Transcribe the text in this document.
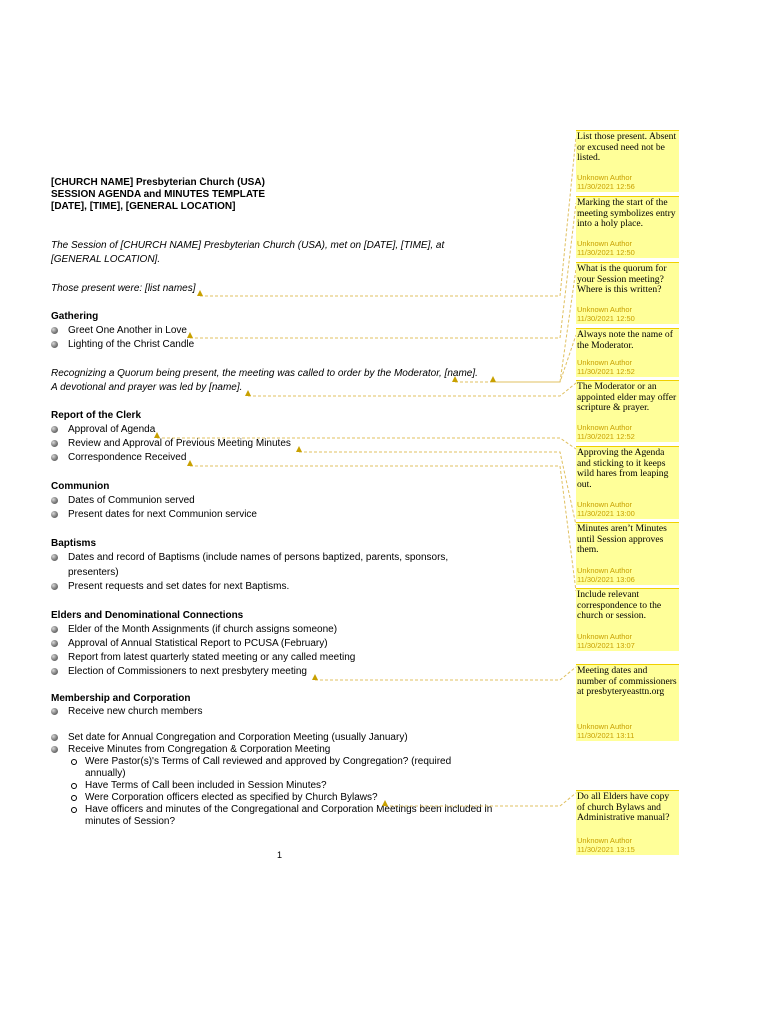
[CHURCH NAME] Presbyterian Church (USA)
SESSION AGENDA and MINUTES TEMPLATE
[DATE], [TIME], [GENERAL LOCATION]
The Session of [CHURCH NAME] Presbyterian Church (USA), met on [DATE], [TIME], at
[GENERAL LOCATION].
Those present were: [list names]
Gathering
Greet One Another in Love
Lighting of the Christ Candle
Recognizing a Quorum being present, the meeting was called to order by the Moderator, [name].
A devotional and prayer was led by [name].
Report of the Clerk
Approval of Agenda
Review and Approval of Previous Meeting Minutes
Correspondence Received
Communion
Dates of Communion served
Present dates for next Communion service
Baptisms
Dates and record of Baptisms (include names of persons baptized, parents, sponsors,
presenters)
Present requests and set dates for next Baptisms.
Elders and Denominational Connections
Elder of the Month Assignments (if church assigns someone)
Approval of Annual Statistical Report to PCUSA (February)
Report from latest quarterly stated meeting or any called meeting
Election of Commissioners to next presbytery meeting
Membership and Corporation
Receive new church members
Set date for Annual Congregation and Corporation Meeting (usually January)
Receive Minutes from Congregation & Corporation Meeting
Were Pastor(s)'s Terms of Call reviewed and approved by Congregation? (required
annually)
Have Terms of Call been included in Session Minutes?
Were Corporation officers elected as specified by Church Bylaws?
Have officers and minutes of the Congregational and Corporation Meetings been included in
minutes of Session?
1
List those present. Absent or excused need not be listed.
Unknown Author
11/30/2021 12:56
Marking the start of the meeting symbolizes entry into a holy place.
Unknown Author
11/30/2021 12:50
What is the quorum for your Session meeting? Where is this written?
Unknown Author
11/30/2021 12:50
Always note the name of the Moderator.
Unknown Author
11/30/2021 12:52
The Moderator or an appointed elder may offer scripture & prayer.
Unknown Author
11/30/2021 12:52
Approving the Agenda and sticking to it keeps wild hares from leaping out.
Unknown Author
11/30/2021 13:00
Minutes aren’t Minutes until Session approves them.
Unknown Author
11/30/2021 13:06
Include relevant correspondence to the church or session.
Unknown Author
11/30/2021 13:07
Meeting dates and number of commissioners at presbyteryeasttn.org
Unknown Author
11/30/2021 13:11
Do all Elders have copy of church Bylaws and Administrative manual?
Unknown Author
11/30/2021 13:15
